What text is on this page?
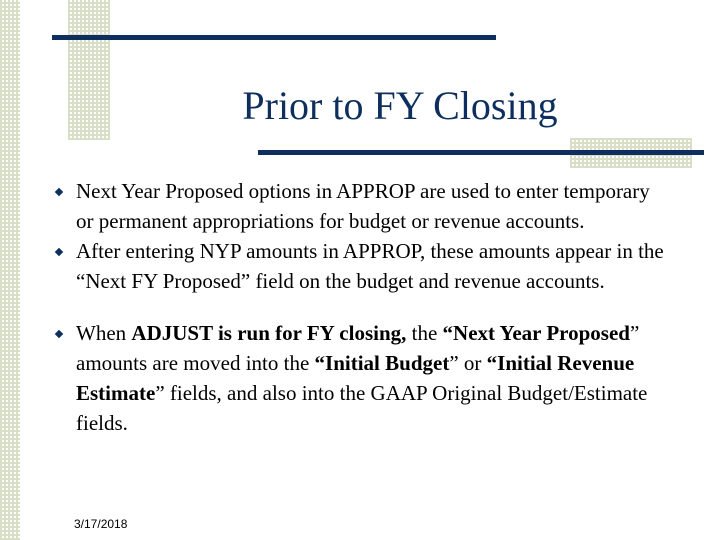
Prior to FY Closing
Next Year Proposed options in APPROP are used to enter temporary or permanent appropriations for budget or revenue accounts.
After entering NYP amounts in APPROP, these amounts appear in the “Next FY Proposed” field on the budget and revenue accounts.
When ADJUST is run for FY closing, the “Next Year Proposed” amounts are moved into the “Initial Budget” or “Initial Revenue Estimate” fields, and also into the GAAP Original Budget/Estimate fields.
3/17/2018
